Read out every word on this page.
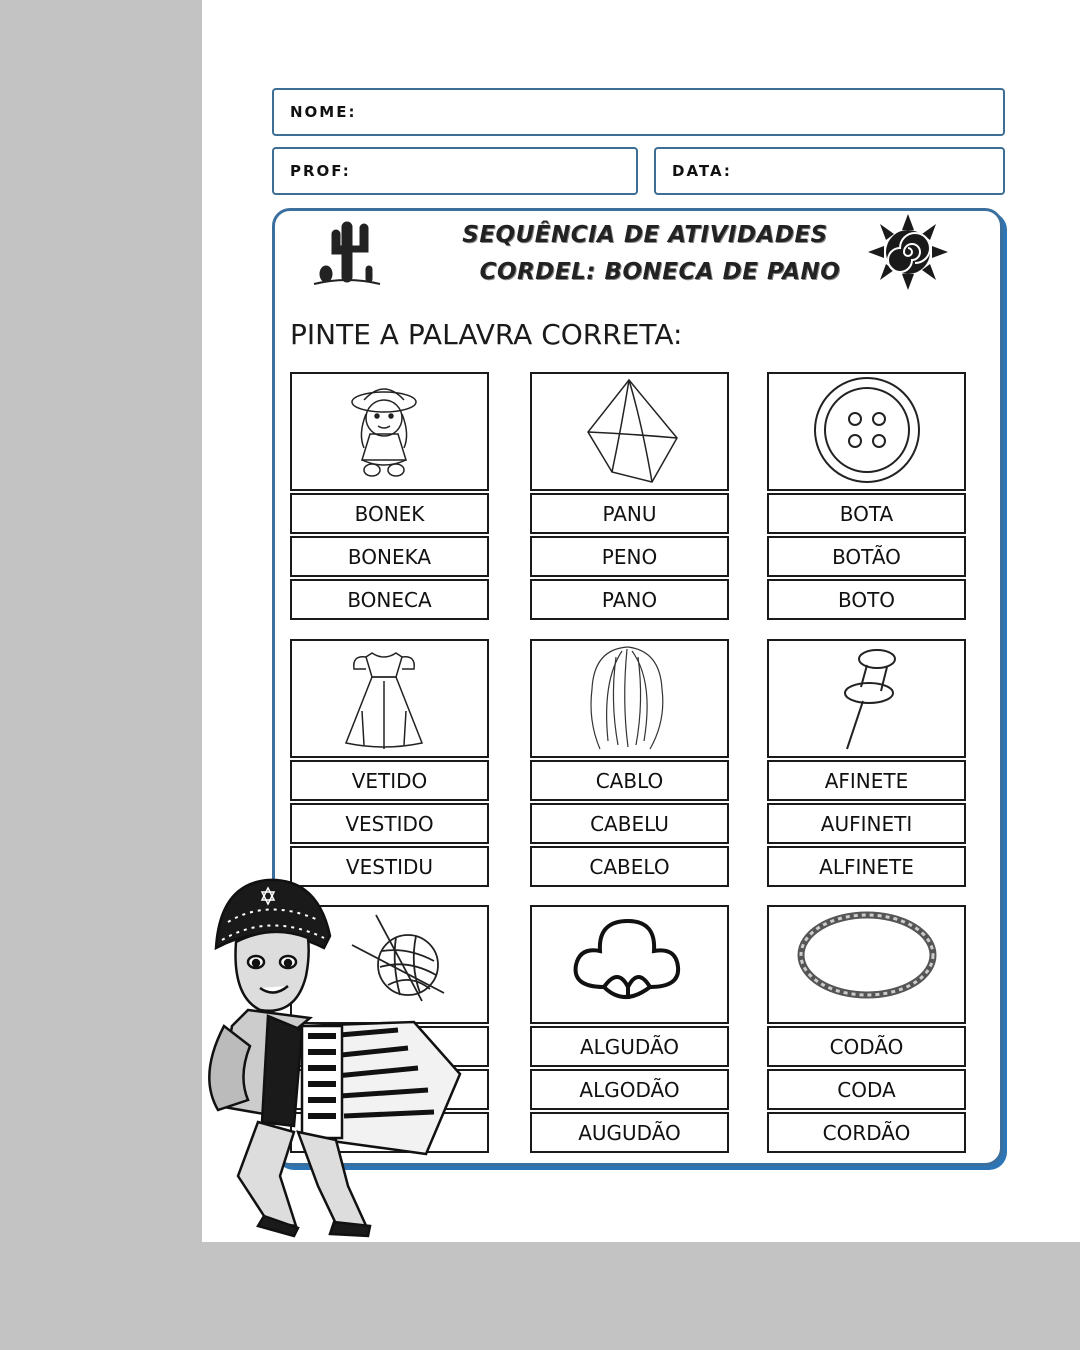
NOME:
PROF:	DATA:
SEQUÊNCIA DE ATIVIDADES
CORDEL: BONECA DE PANO
PINTE A PALAVRA CORRETA:
BONEK
BONEKA
BONECA
PANU
PENO
PANO
BOTA
BOTÃO
BOTO
VETIDO
VESTIDO
VESTIDU
CABLO
CABELU
CABELO
AFINETE
AUFINETI
ALFINETE
ALGUDÃO
ALGODÃO
AUGUDÃO
CODÃO
CODA
CORDÃO
